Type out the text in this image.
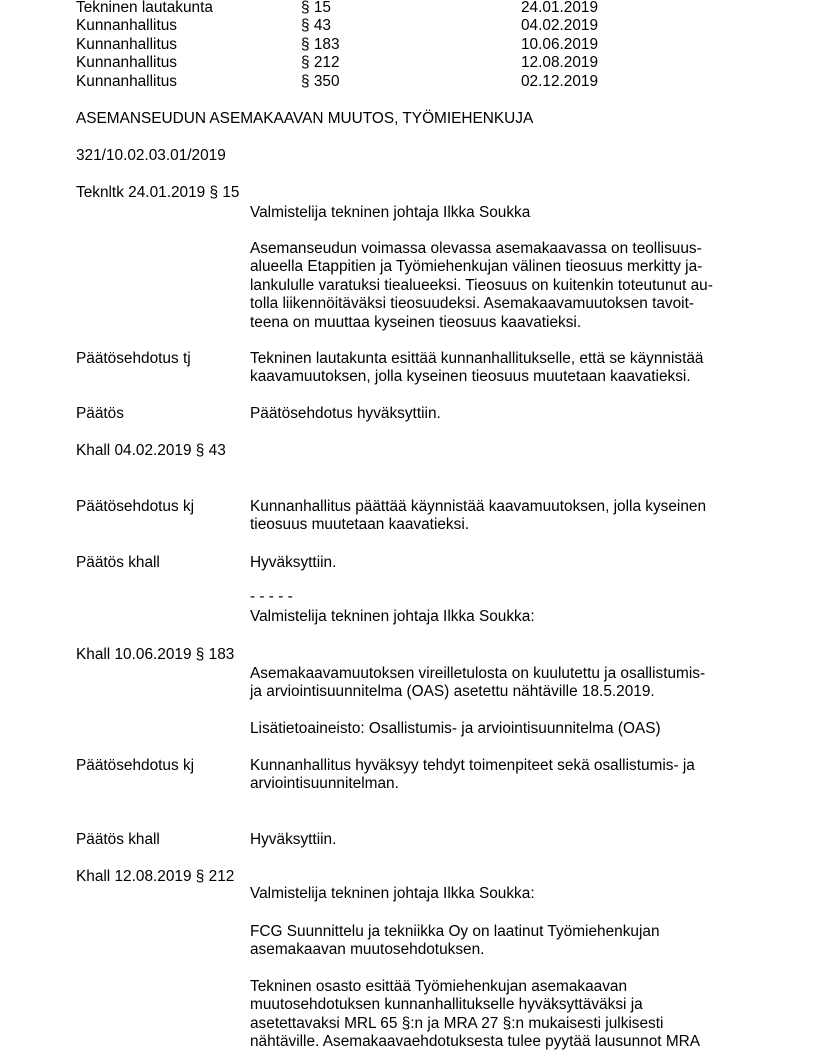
Tekninen lautakunta	§ 15	24.01.2019
Kunnanhallitus	§ 43	04.02.2019
Kunnanhallitus	§ 183	10.06.2019
Kunnanhallitus	§ 212	12.08.2019
Kunnanhallitus	§ 350	02.12.2019
ASEMANSEUDUN ASEMAKAAVAN MUUTOS, TYÖMIEHENKUJA
321/10.02.03.01/2019
Teknltk 24.01.2019 § 15
Valmistelija tekninen johtaja Ilkka Soukka
Asemanseudun voimassa olevassa asemakaavassa on teollisuus-
alueella Etappitien ja Työmiehenkujan välinen tieosuus merkitty ja-
lankululle varatuksi tiealueeksi. Tieosuus on kuitenkin toteutunut au-
tolla liikennöitäväksi tieosuudeksi. Asemakaavamuutoksen tavoit-
teena on muuttaa kyseinen tieosuus kaavatieksi.
Päätösehdotus tj	Tekninen lautakunta esittää kunnanhallitukselle, että se käynnistää
kaavamuutoksen, jolla kyseinen tieosuus muutetaan kaavatieksi.
Päätös	Päätösehdotus hyväksyttiin.
Khall 04.02.2019 § 43
Päätösehdotus kj	Kunnanhallitus päättää käynnistää kaavamuutoksen, jolla kyseinen
tieosuus muutetaan kaavatieksi.
Päätös khall	Hyväksyttiin.
- - - - -
Valmistelija tekninen johtaja Ilkka Soukka:
Khall 10.06.2019 § 183
Asemakaavamuutoksen vireilletulosta on kuulutettu ja osallistumis-
ja arviointisuunnitelma (OAS) asetettu nähtäville 18.5.2019.
Lisätietoaineisto: Osallistumis- ja arviointisuunnitelma (OAS)
Päätösehdotus kj	Kunnanhallitus hyväksyy tehdyt toimenpiteet sekä osallistumis- ja
arviointisuunnitelman.
Päätös khall	Hyväksyttiin.
Khall 12.08.2019 § 212
Valmistelija tekninen johtaja Ilkka Soukka:
FCG Suunnittelu ja tekniikka Oy on laatinut Työmiehenkujan
asemakaavan muutosehdotuksen.
Tekninen osasto esittää Työmiehenkujan asemakaavan
muutosehdotuksen kunnanhallitukselle hyväksyttäväksi ja
asetettavaksi MRL 65 §:n ja MRA 27 §:n mukaisesti julkisesti
nähtäville. Asemakaavaehdotuksesta tulee pyytää lausunnot MRA
